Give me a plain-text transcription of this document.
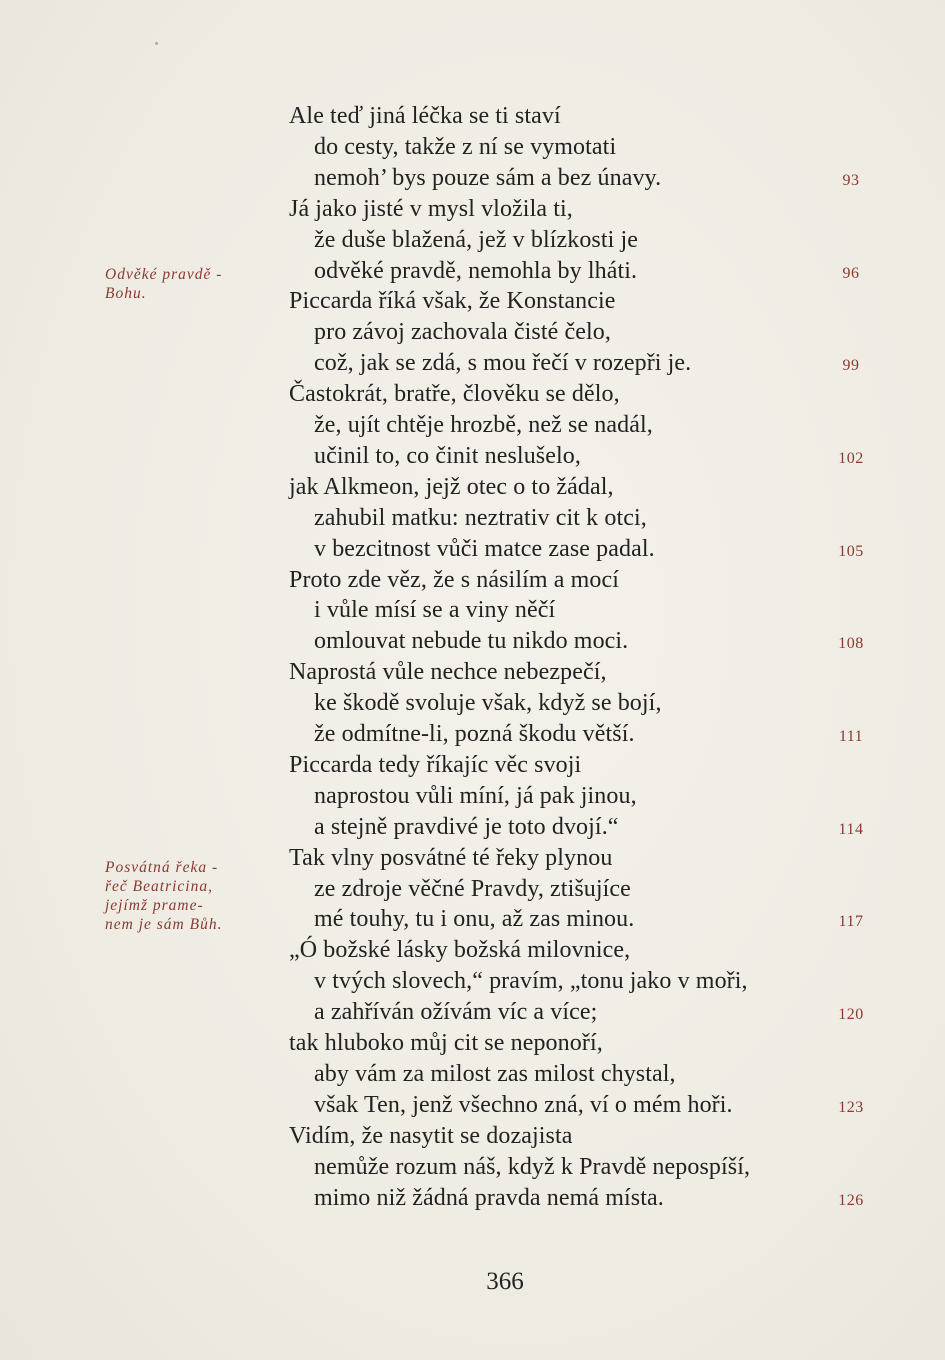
Ale teď jiná léčka se ti staví
do cesty, takže z ní se vymotati
nemoh’ bys pouze sám a bez únavy.
Já jako jisté v mysl vložila ti,
že duše blažená, jež v blízkosti je
odvěké pravdě, nemohla by lháti.
Piccarda říká však, že Konstancie
pro závoj zachovala čisté čelo,
což, jak se zdá, s mou řečí v rozepři je.
Častokrát, bratře, člověku se dělo,
že, ujít chtěje hrozbě, než se nadál,
učinil to, co činit neslušelo,
jak Alkmeon, jejž otec o to žádal,
zahubil matku: neztrativ cit k otci,
v bezcitnost vůči matce zase padal.
Proto zde věz, že s násilím a mocí
i vůle mísí se a viny něčí
omlouvat nebude tu nikdo moci.
Naprostá vůle nechce nebezpečí,
ke škodě svoluje však, když se bojí,
že odmítne-li, pozná škodu větší.
Piccarda tedy říkajíc věc svoji
naprostou vůli míní, já pak jinou,
a stejně pravdivé je toto dvojí.“
Tak vlny posvátné té řeky plynou
ze zdroje věčné Pravdy, ztišujíce
mé touhy, tu i onu, až zas minou.
„Ó božské lásky božská milovnice,
v tvých slovech,“ pravím, „tonu jako v moři,
a zahříván ožívám víc a více;
tak hluboko můj cit se neponoří,
aby vám za milost zas milost chystal,
však Ten, jenž všechno zná, ví o mém hoři.
Vidím, že nasytit se dozajista
nemůže rozum náš, když k Pravdě nepospíší,
mimo niž žádná pravda nemá místa.
93
96
99
102
105
108
111
114
117
120
123
126
Odvěké pravdě -
Bohu.
Posvátná řeka -
řeč Beatricina,
jejímž prame-
nem je sám Bůh.
366
